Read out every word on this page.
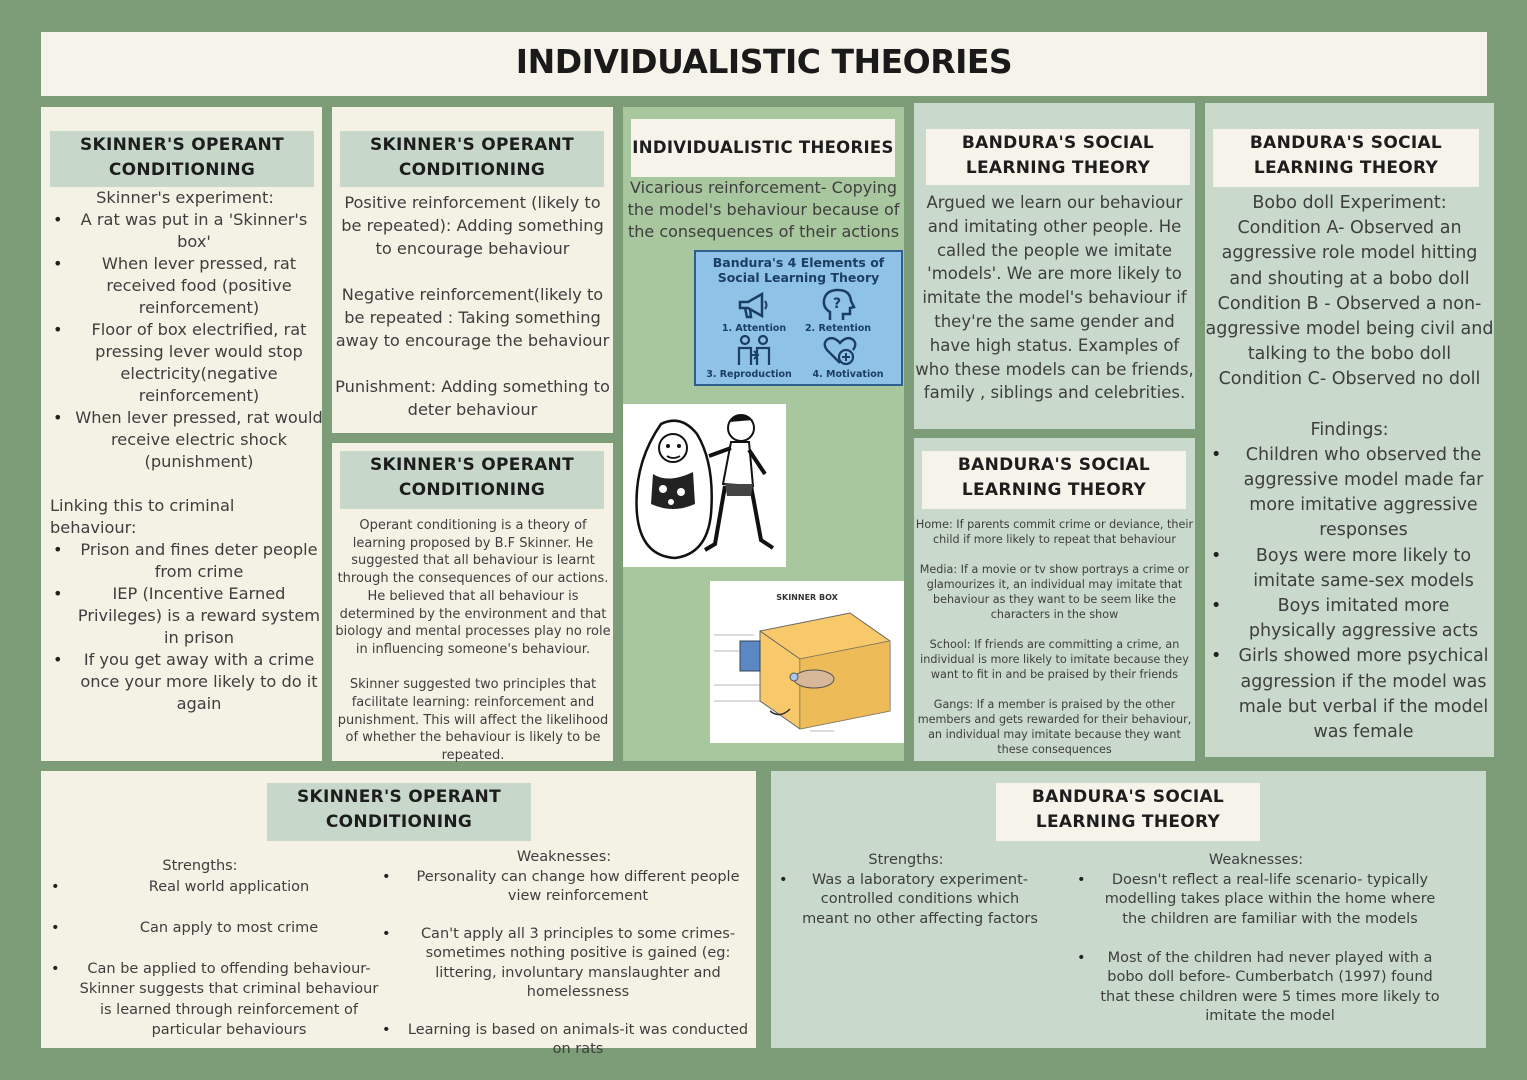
INDIVIDUALISTIC THEORIES
SKINNER'S OPERANT
CONDITIONING

Skinner's experiment:

• A rat was put in a 'Skinner's box'
• When lever pressed, rat received food (positive reinforcement)
• Floor of box electrified, rat pressing lever would stop electricity(negative reinforcement)
• When lever pressed, rat would receive electric shock (punishment)

Linking this to criminal behaviour:

• Prison and fines deter people from crime
• IEP (Incentive Earned Privileges) is a reward system in prison
• If you get away with a crime once your more likely to do it again
SKINNER'S OPERANT
CONDITIONING

Positive reinforcement (likely to be repeated): Adding something to encourage behaviour

Negative reinforcement(likely to be repeated : Taking something away to encourage the behaviour

Punishment: Adding something to deter behaviour

SKINNER'S OPERANT
CONDITIONING

Operant conditioning is a theory of learning proposed by B.F Skinner. He suggested that all behaviour is learnt through the consequences of our actions. He believed that all behaviour is determined by the environment and that biology and mental processes play no role in influencing someone's behaviour.

Skinner suggested two principles that facilitate learning: reinforcement and punishment. This will affect the likelihood of whether the behaviour is likely to be repeated.

INDIVIDUALISTIC THEORIES

Vicarious reinforcement- Copying the model's behaviour because of the consequences of their actions

Bandura's 4 Elements of
Social Learning Theory
?
1. Attention	2. Retention
3. Reproduction	4. Motivation
SKINNER BOX
BANDURA'S SOCIAL
LEARNING THEORY

Argued we learn our behaviour and imitating other people. He called the people we imitate 'models'. We are more likely to imitate the model's behaviour if they're the same gender and have high status. Examples of who these models can be friends, family , siblings and celebrities.

BANDURA'S SOCIAL
LEARNING THEORY

Home: If parents commit crime or deviance, their child if more likely to repeat that behaviour

Media: If a movie or tv show portrays a crime or glamourizes it, an individual may imitate that behaviour as they want to be seem like the characters in the show

School: If friends are committing a crime, an individual is more likely to imitate because they want to fit in and be praised by their friends

Gangs: If a member is praised by the other members and gets rewarded for their behaviour, an individual may imitate because they want these consequences

BANDURA'S SOCIAL
LEARNING THEORY

Bobo doll Experiment:

Condition A- Observed an aggressive role model hitting and shouting at a bobo doll

Condition B - Observed a non-aggressive model being civil and talking to the bobo doll

Condition C- Observed no doll

Findings:

• Children who observed the aggressive model made far more imitative aggressive responses
• Boys were more likely to imitate same-sex models
• Boys imitated more physically aggressive acts
• Girls showed more psychical aggression if the model was male but verbal if the model was female
SKINNER'S OPERANT
CONDITIONING

Strengths:

• Real world application
• Can apply to most crime
• Can be applied to offending behaviour- Skinner suggests that criminal behaviour is learned through reinforcement of particular behaviours

Weaknesses:

• Personality can change how different people view reinforcement
• Can't apply all 3 principles to some crimes- sometimes nothing positive is gained (eg: littering, involuntary manslaughter and homelessness
• Learning is based on animals-it was conducted on rats
BANDURA'S SOCIAL
LEARNING THEORY

Strengths:

• Was a laboratory experiment- controlled conditions which meant no other affecting factors

Weaknesses:

• Doesn't reflect a real-life scenario- typically modelling takes place within the home where the children are familiar with the models
• Most of the children had never played with a bobo doll before- Cumberbatch (1997) found that these children were 5 times more likely to imitate the model
